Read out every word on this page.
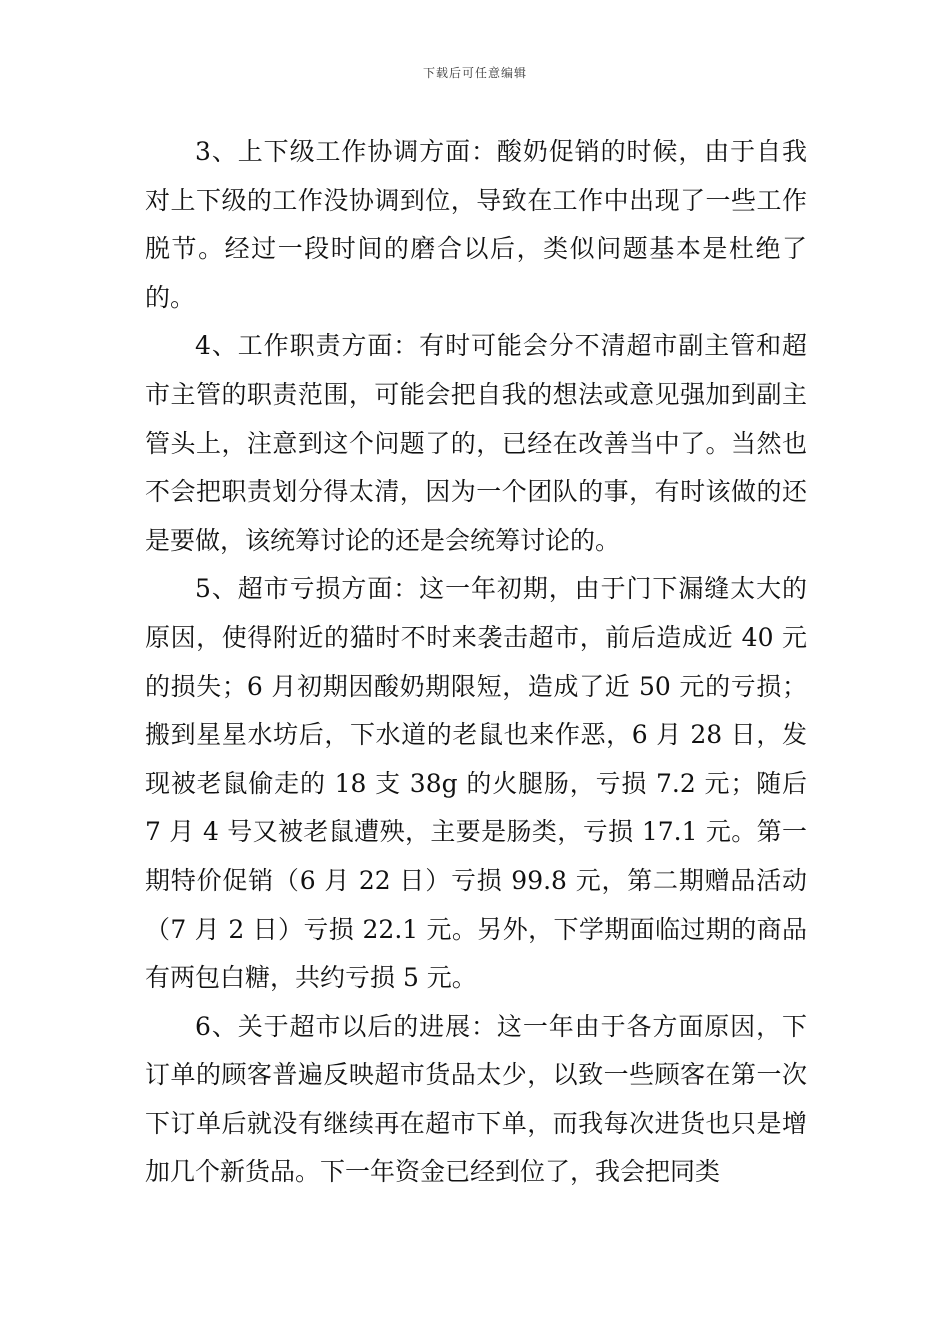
下载后可任意编辑

3、上下级工作协调方面：酸奶促销的时候，由于自我对上下级的工作没协调到位，导致在工作中出现了一些工作脱节。经过一段时间的磨合以后，类似问题基本是杜绝了的。

4、工作职责方面：有时可能会分不清超市副主管和超市主管的职责范围，可能会把自我的想法或意见强加到副主管头上，注意到这个问题了的，已经在改善当中了。当然也不会把职责划分得太清，因为一个团队的事，有时该做的还是要做，该统筹讨论的还是会统筹讨论的。

5、超市亏损方面：这一年初期，由于门下漏缝太大的原因，使得附近的猫时不时来袭击超市，前后造成近 40 元的损失；6 月初期因酸奶期限短，造成了近 50 元的亏损；搬到星星水坊后，下水道的老鼠也来作恶，6 月 28 日，发现被老鼠偷走的 18 支 38g 的火腿肠，亏损 7.2 元；随后 7 月 4 号又被老鼠遭殃，主要是肠类，亏损 17.1 元。第一期特价促销（6 月 22 日）亏损 99.8 元，第二期赠品活动（7 月 2 日）亏损 22.1 元。另外，下学期面临过期的商品有两包白糖，共约亏损 5 元。

6、关于超市以后的进展：这一年由于各方面原因，下订单的顾客普遍反映超市货品太少，以致一些顾客在第一次下订单后就没有继续再在超市下单，而我每次进货也只是增加几个新货品。下一年资金已经到位了，我会把同类
